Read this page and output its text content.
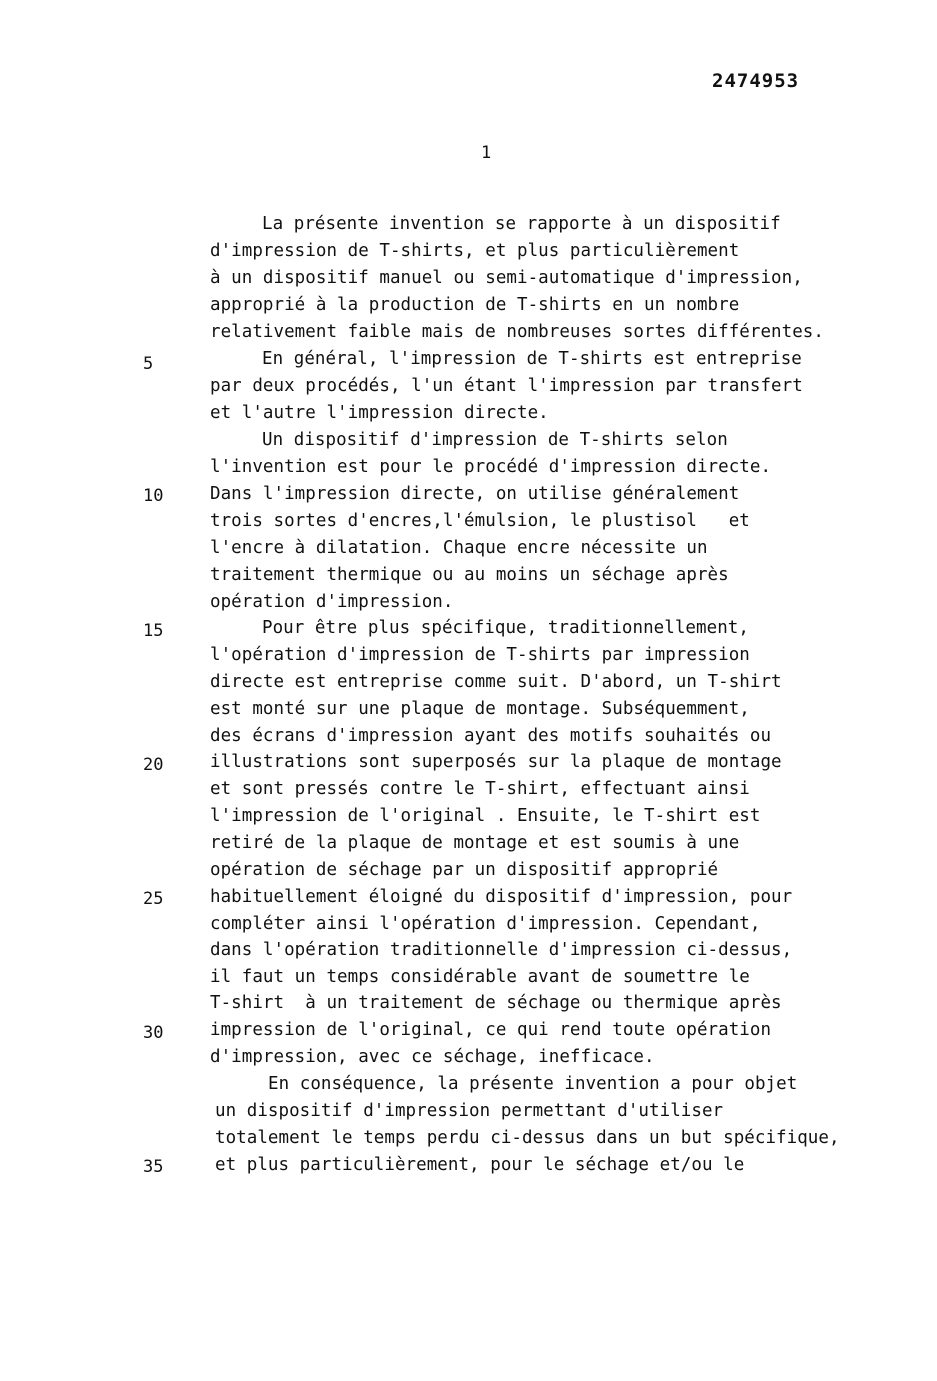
2474953
1
La présente invention se rapporte à un dispositif
d'impression de T-shirts, et plus particulièrement
à un dispositif manuel ou semi-automatique d'impression,
approprié à la production de T-shirts en un nombre
relativement faible mais de nombreuses sortes différentes.
En général, l'impression de T-shirts est entreprise
par deux procédés, l'un étant l'impression par transfert
et l'autre l'impression directe.
Un dispositif d'impression de T-shirts selon
l'invention est pour le procédé d'impression directe.
Dans l'impression directe, on utilise généralement
trois sortes d'encres,l'émulsion, le plustisol   et
l'encre à dilatation. Chaque encre nécessite un
traitement thermique ou au moins un séchage après
opération d'impression.
Pour être plus spécifique, traditionnellement,
l'opération d'impression de T-shirts par impression
directe est entreprise comme suit. D'abord, un T-shirt
est monté sur une plaque de montage. Subséquemment,
des écrans d'impression ayant des motifs souhaités ou
illustrations sont superposés sur la plaque de montage
et sont pressés contre le T-shirt, effectuant ainsi
l'impression de l'original . Ensuite, le T-shirt est
retiré de la plaque de montage et est soumis à une
opération de séchage par un dispositif approprié
habituellement éloigné du dispositif d'impression, pour
compléter ainsi l'opération d'impression. Cependant,
dans l'opération traditionnelle d'impression ci-dessus,
il faut un temps considérable avant de soumettre le
T-shirt  à un traitement de séchage ou thermique après
impression de l'original, ce qui rend toute opération
d'impression, avec ce séchage, inefficace.
En conséquence, la présente invention a pour objet
un dispositif d'impression permettant d'utiliser
totalement le temps perdu ci-dessus dans un but spécifique,
et plus particulièrement, pour le séchage et/ou le
5
10
15
20
25
30
35
